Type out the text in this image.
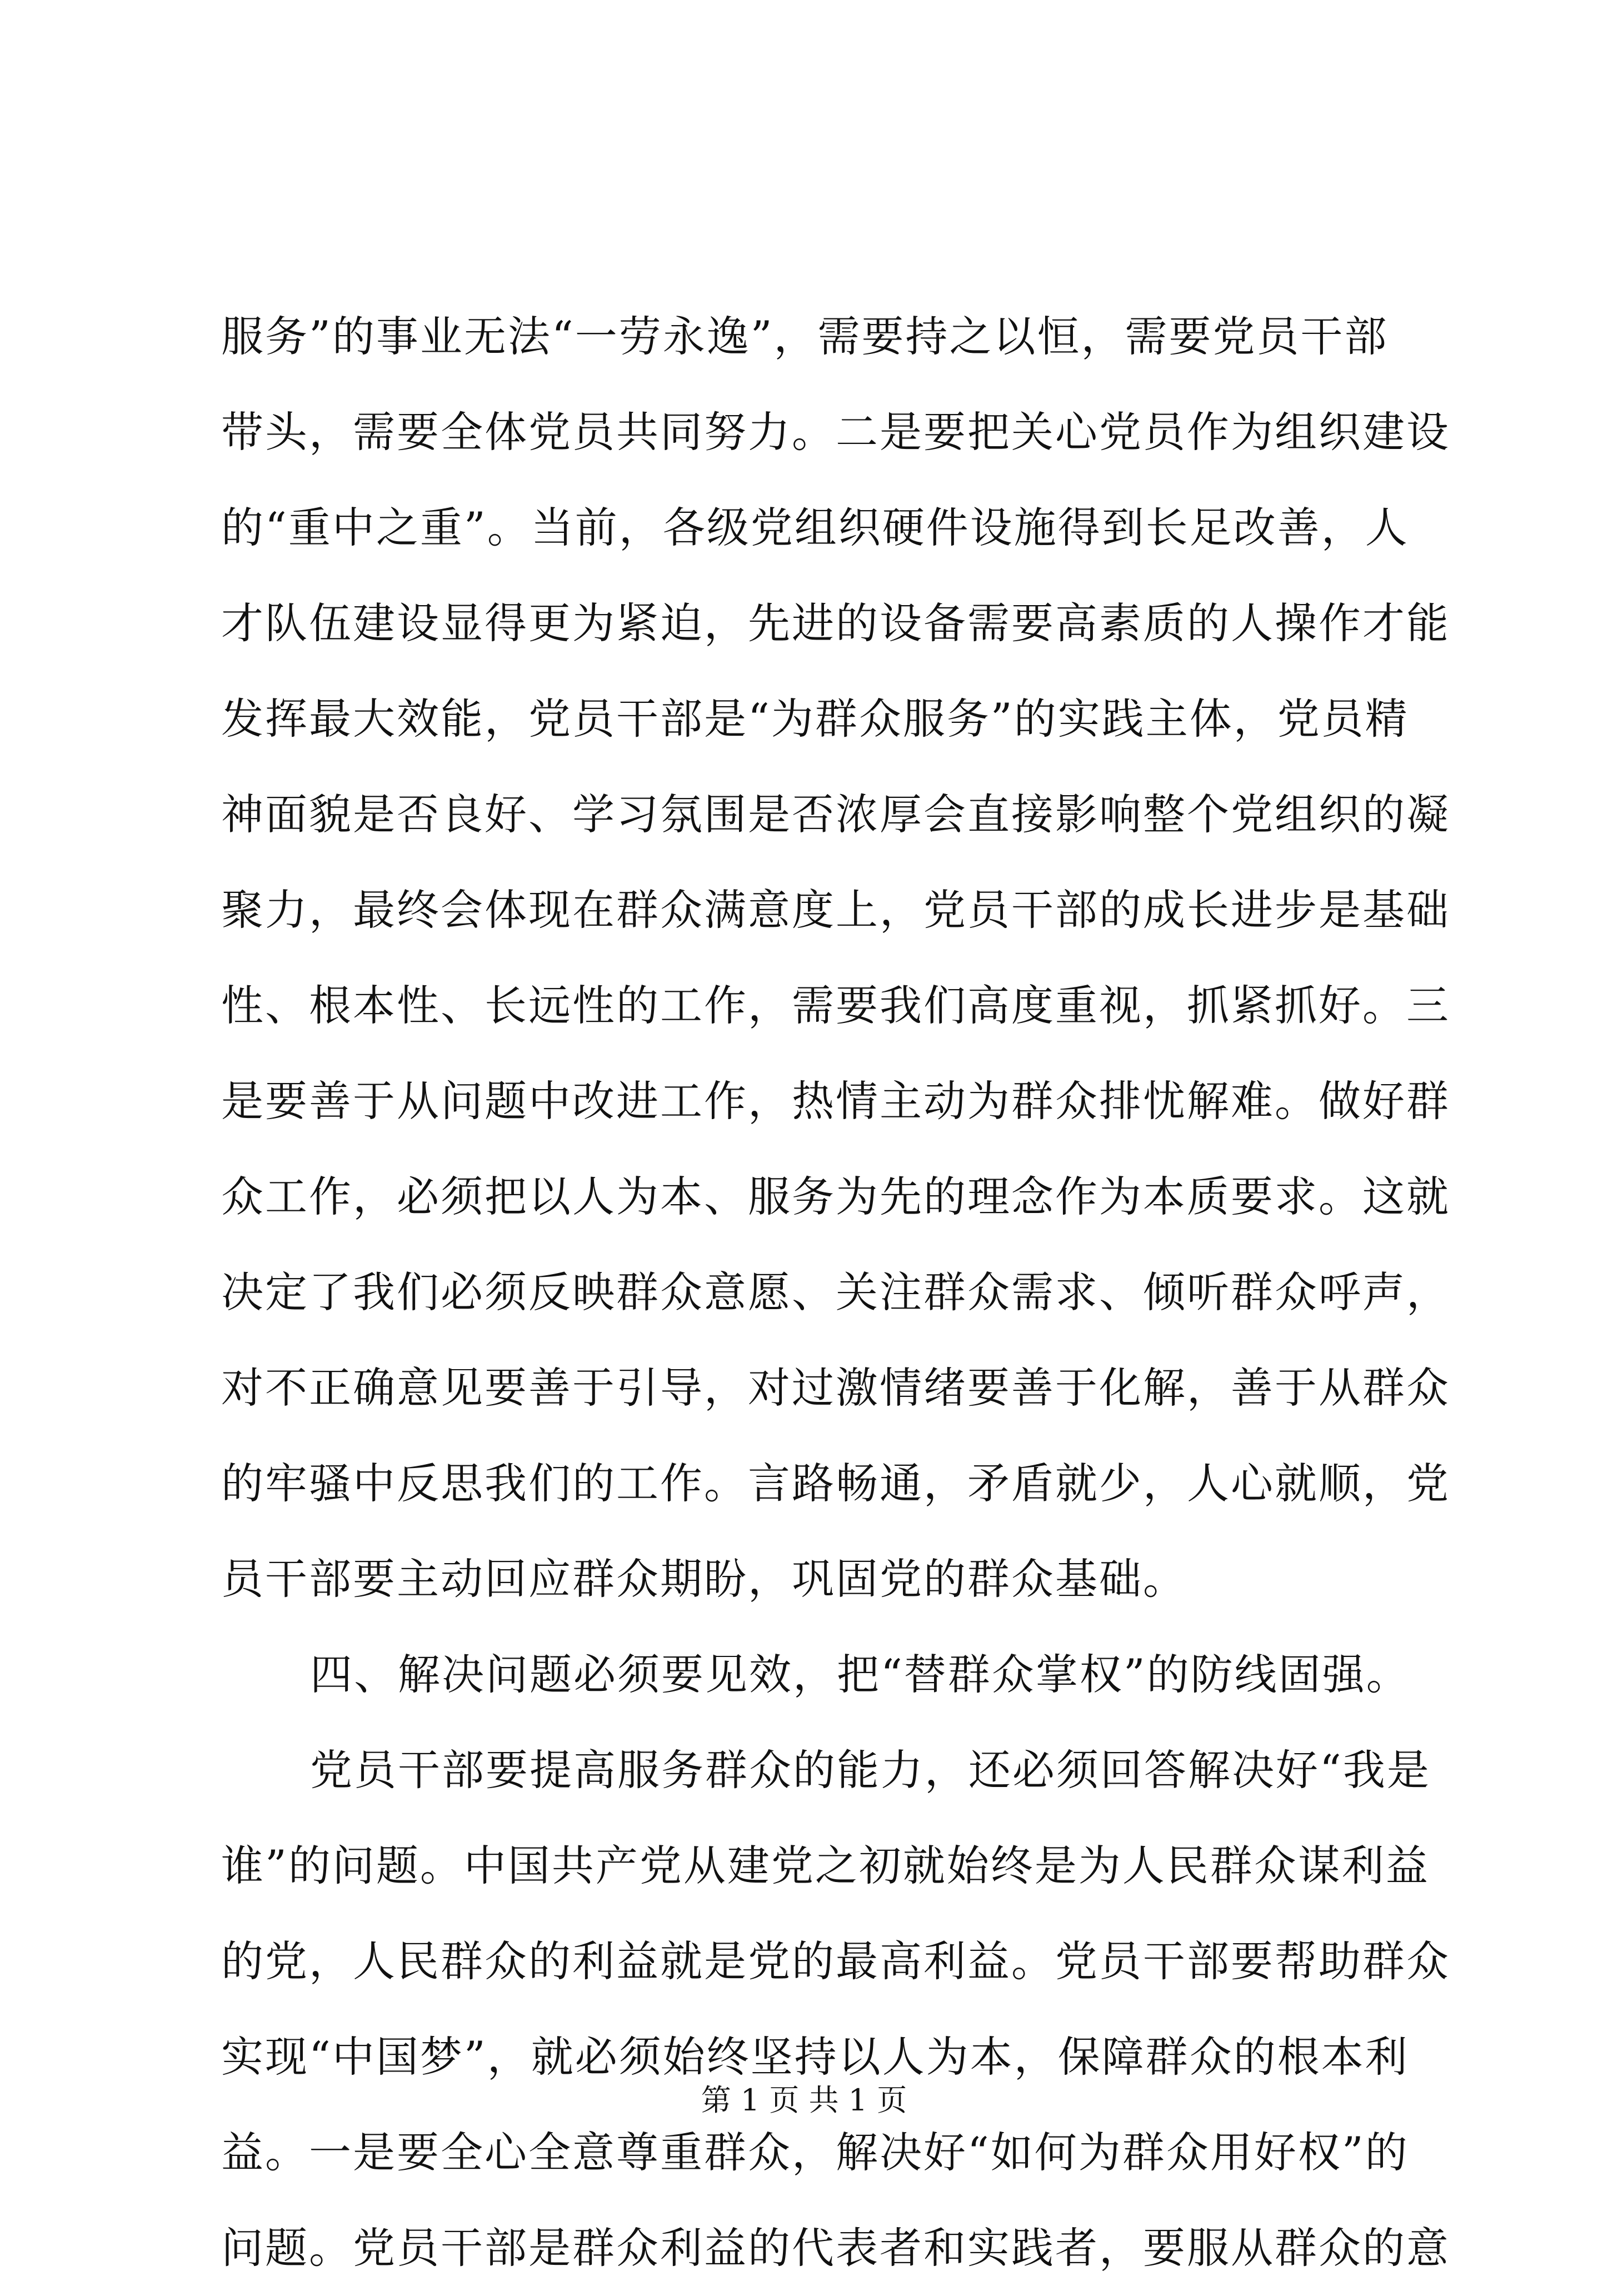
服务”的事业无法“一劳永逸”，需要持之以恒，需要党员干部
带头，需要全体党员共同努力。二是要把关心党员作为组织建设
的“重中之重”。当前，各级党组织硬件设施得到长足改善，人
才队伍建设显得更为紧迫，先进的设备需要高素质的人操作才能
发挥最大效能，党员干部是“为群众服务”的实践主体，党员精
神面貌是否良好、学习氛围是否浓厚会直接影响整个党组织的凝
聚力，最终会体现在群众满意度上，党员干部的成长进步是基础
性、根本性、长远性的工作，需要我们高度重视，抓紧抓好。三
是要善于从问题中改进工作，热情主动为群众排忧解难。做好群
众工作，必须把以人为本、服务为先的理念作为本质要求。这就
决定了我们必须反映群众意愿、关注群众需求、倾听群众呼声，
对不正确意见要善于引导，对过激情绪要善于化解，善于从群众
的牢骚中反思我们的工作。言路畅通，矛盾就少，人心就顺，党
员干部要主动回应群众期盼，巩固党的群众基础。
四、解决问题必须要见效，把“替群众掌权”的防线固强。
党员干部要提高服务群众的能力，还必须回答解决好“我是
谁”的问题。中国共产党从建党之初就始终是为人民群众谋利益
的党，人民群众的利益就是党的最高利益。党员干部要帮助群众
实现“中国梦”，就必须始终坚持以人为本，保障群众的根本利
益。一是要全心全意尊重群众，解决好“如何为群众用好权”的
问题。党员干部是群众利益的代表者和实践者，要服从群众的意
第 1 页 共 1 页
